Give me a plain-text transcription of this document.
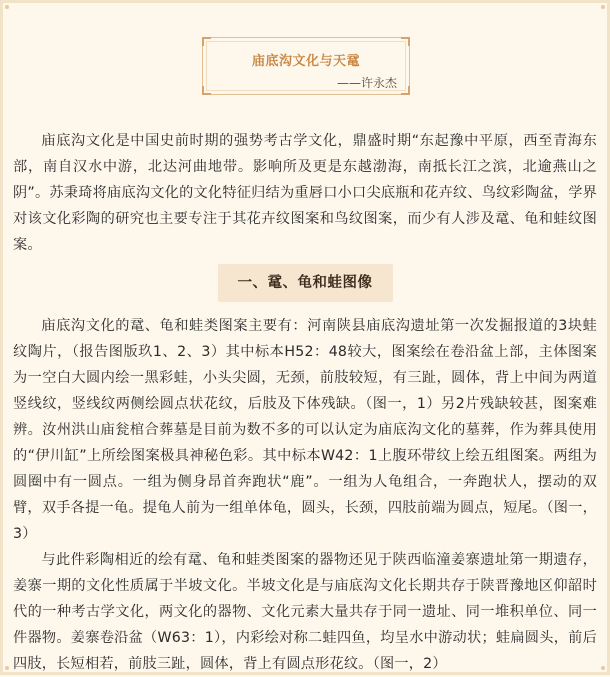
庙底沟文化与天鼋
——许永杰

庙底沟文化是中国史前时期的强势考古学文化，鼎盛时期“东起豫中平原，西至青海东部，南自汉水中游，北达河曲地带。影响所及更是东越渤海，南抵长江之滨，北逾燕山之阴”。苏秉琦将庙底沟文化的文化特征归结为重唇口小口尖底瓶和花卉纹、鸟纹彩陶盆，学界对该文化彩陶的研究也主要专注于其花卉纹图案和鸟纹图案，而少有人涉及鼋、龟和蛙纹图案。

一、鼋、龟和蛙图像

庙底沟文化的鼋、龟和蛙类图案主要有：河南陕县庙底沟遗址第一次发掘报道的3块蛙纹陶片，（报告图版玖1、2、3）其中标本H52：48较大，图案绘在卷沿盆上部，主体图案为一空白大圆内绘一黑彩蛙，小头尖圆，无颈，前肢较短，有三趾，圆体，背上中间为两道竖线纹，竖线纹两侧绘圆点状花纹，后肢及下体残缺。（图一，1）另2片残缺较甚，图案难辨。汝州洪山庙瓮棺合葬墓是目前为数不多的可以认定为庙底沟文化的墓葬，作为葬具使用的“伊川缸”上所绘图案极具神秘色彩。其中标本W42：1上腹环带纹上绘五组图案。两组为圆圈中有一圆点。一组为侧身昂首奔跑状“鹿”。一组为人龟组合，一奔跑状人，摆动的双臂，双手各提一龟。提龟人前为一组单体龟，圆头，长颈，四肢前端为圆点，短尾。（图一，3）

与此件彩陶相近的绘有鼋、龟和蛙类图案的器物还见于陕西临潼姜寨遗址第一期遗存，姜寨一期的文化性质属于半坡文化。半坡文化是与庙底沟文化长期共存于陕晋豫地区仰韶时代的一种考古学文化，两文化的器物、文化元素大量共存于同一遗址、同一堆积单位、同一件器物。姜寨卷沿盆（W63：1），内彩绘对称二蛙四鱼，均呈水中游动状；蛙扁圆头，前后四肢，长短相若，前肢三趾，圆体，背上有圆点形花纹。（图一，2）
